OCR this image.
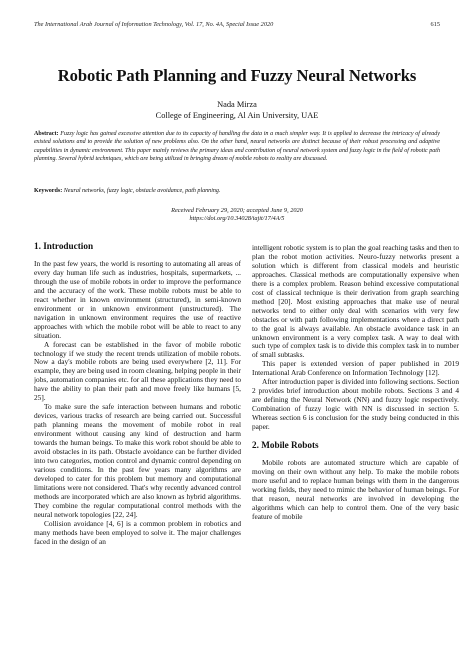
The International Arab Journal of Information Technology, Vol. 17, No. 4A, Special Issue 2020	615
Robotic Path Planning and Fuzzy Neural Networks
Nada Mirza
College of Engineering, Al Ain University, UAE
Abstract: Fuzzy logic has gained excessive attention due to its capacity of handling the data in a much simpler way. It is applied to decrease the intricacy of already existed solutions and to provide the solution of new problems also. On the other hand, neural networks are distinct because of their robust processing and adaptive capabilities in dynamic environment. This paper mainly reviews the primary ideas and contribution of neural network system and fuzzy logic in the field of robotic path planning. Several hybrid techniques, which are being utilized in bringing dream of mobile robots to reality are discussed.
Keywords: Neural networks, fuzzy logic, obstacle avoidance, path planning.
Received February 29, 2020; accepted June 9, 2020
https://doi.org/10.34028/iajit/17/4A/5
1. Introduction

In the past few years, the world is resorting to automating all areas of every day human life such as industries, hospitals, supermarkets, ... through the use of mobile robots in order to improve the performance and the accuracy of the work. These mobile robots must be able to react whether in known environment (structured), in semi-known environment or in unknown environment (unstructured). The navigation in unknown environment requires the use of reactive approaches with which the mobile robot will be able to react to any situation.

A forecast can be established in the favor of mobile robotic technology if we study the recent trends utilization of mobile robots. Now a day's mobile robots are being used everywhere [2, 11]. For example, they are being used in room cleaning, helping people in their jobs, automation companies etc. for all these applications they need to have the ability to plan their path and move freely like humans [5, 25].

To make sure the safe interaction between humans and robotic devices, various tracks of research are being carried out. Successful path planning means the movement of mobile robot in real environment without causing any kind of destruction and harm towards the human beings. To make this work robot should be able to avoid obstacles in its path. Obstacle avoidance can be further divided into two categories, motion control and dynamic control depending on various conditions. In the past few years many algorithms are developed to cater for this problem but memory and computational limitations were not considered. That's why recently advanced control methods are incorporated which are also known as hybrid algorithms. They combine the regular computational control methods with the neural network topologies [22, 24].

Collision avoidance [4, 6] is a common problem in robotics and many methods have been employed to solve it. The major challenges faced in the design of an

intelligent robotic system is to plan the goal reaching tasks and then to plan the robot motion activities. Neuro-fuzzy networks present a solution which is different from classical models and heuristic approaches. Classical methods are computationally expensive when there is a complex problem. Reason behind excessive computational cost of classical technique is their derivation from graph searching method [20]. Most existing approaches that make use of neural networks tend to either only deal with scenarios with very few obstacles or with path following implementations where a direct path to the goal is always available. An obstacle avoidance task in an unknown environment is a very complex task. A way to deal with such type of complex task is to divide this complex task in to number of small subtasks.

This paper is extended version of paper published in 2019 International Arab Conference on Information Technology [12].

After introduction paper is divided into following sections. Section 2 provides brief introduction about mobile robots. Sections 3 and 4 are defining the Neural Network (NN) and fuzzy logic respectively. Combination of fuzzy logic with NN is discussed in section 5. Whereas section 6 is conclusion for the study being conducted in this paper.

2. Mobile Robots

Mobile robots are automated structure which are capable of moving on their own without any help. To make the mobile robots more useful and to replace human beings with them in the dangerous working fields, they need to mimic the behavior of human beings. For that reason, neural networks are involved in developing the algorithms which can help to control them. One of the very basic feature of mobile
